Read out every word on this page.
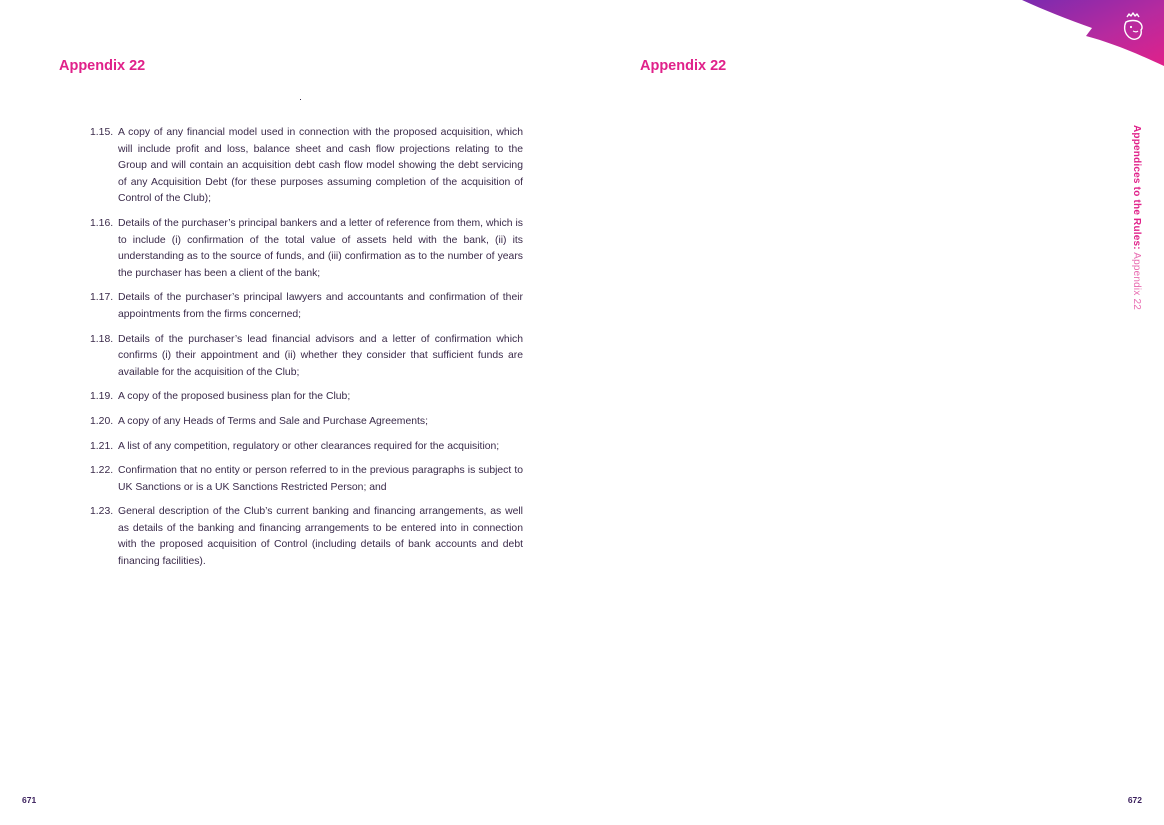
Appendix 22
1.15. A copy of any financial model used in connection with the proposed acquisition, which will include profit and loss, balance sheet and cash flow projections relating to the Group and will contain an acquisition debt cash flow model showing the debt servicing of any Acquisition Debt (for these purposes assuming completion of the acquisition of Control of the Club);
1.16. Details of the purchaser’s principal bankers and a letter of reference from them, which is to include (i) confirmation of the total value of assets held with the bank, (ii) its understanding as to the source of funds, and (iii) confirmation as to the number of years the purchaser has been a client of the bank;
1.17. Details of the purchaser’s principal lawyers and accountants and confirmation of their appointments from the firms concerned;
1.18. Details of the purchaser’s lead financial advisors and a letter of confirmation which confirms (i) their appointment and (ii) whether they consider that sufficient funds are available for the acquisition of the Club;
1.19. A copy of the proposed business plan for the Club;
1.20. A copy of any Heads of Terms and Sale and Purchase Agreements;
1.21. A list of any competition, regulatory or other clearances required for the acquisition;
1.22. Confirmation that no entity or person referred to in the previous paragraphs is subject to UK Sanctions or is a UK Sanctions Restricted Person; and
1.23. General description of the Club’s current banking and financing arrangements, as well as details of the banking and financing arrangements to be entered into in connection with the proposed acquisition of Control (including details of bank accounts and debt financing facilities).
671
Appendix 22
672
Appendices to the Rules: Appendix 22
